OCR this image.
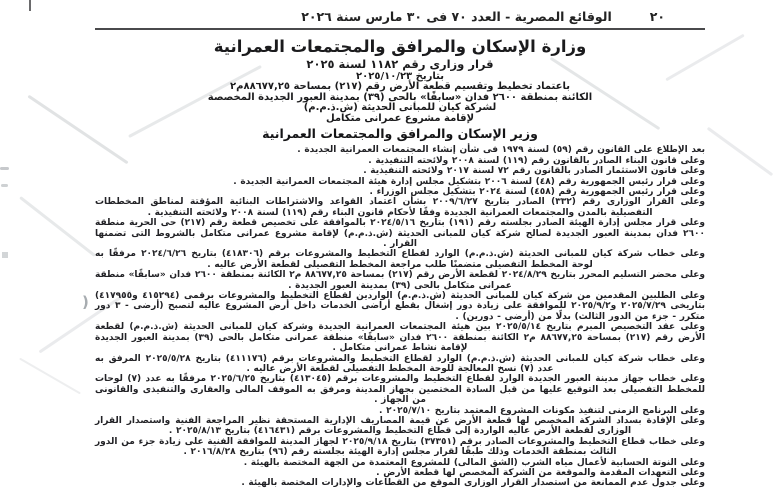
(
٢٠
الوقائع المصرية - العدد ٧٠ فى ٣٠ مارس سنة ٢٠٢٦
وزارة الإسكان والمرافق والمجتمعات العمرانية
قرار وزارى رقم ١١٨٢ لسنة ٢٠٢٥
بتاريخ ٢٠٢٥/١٠/٢٣
باعتماد تخطيط وتقسيم قطعة الأرض رقم (٢١٧) بمساحة ٨٨٦٧٧,٢٥م٢
الكائنة بمنطقة ٢٦٠٠ فدان «سابقًا» بالحى (٣٩) بمدينة العبور الجديدة المخصصة
لشركة كيان للمبانى الحديثة (ش.ذ.م.م)
لإقامة مشروع عمرانى متكامل
وزير الإسكان والمرافق والمجتمعات العمرانية

بعد الإطلاع على القانون رقم (٥٩) لسنة ١٩٧٩ فى شأن إنشاء المجتمعات العمرانية الجديدة .

وعلى قانون البناء الصادر بالقانون رقم (١١٩) لسنة ٢٠٠٨ ولائحته التنفيذية .

وعلى قانون الاستثمار الصادر بالقانون رقم ٧٢ لسنة ٢٠١٧ ولائحته التنفيذية .

وعلى قرار رئيس الجمهورية رقم (٤٨) لسنة ٢٠٠٦ بتشكيل مجلس إدارة هيئة المجتمعات العمرانية الجديدة .

وعلى قرار رئيس الجمهورية رقم (٤٥٨) لسنة ٢٠٢٤ بتشكيل مجلس الوزراء .

وعلى القرار الوزارى رقم (٣٣٢) الصادر بتاريخ ٢٠٠٩/٦/٢٧ بشأن اعتماد القواعد والاشتراطات البنائية المؤقتة لمناطق المخططات التفصيلية بالمدن والمجتمعات العمرانية الجديدة وفقًا لأحكام قانون البناء رقم (١١٩) لسنة ٢٠٠٨ ولائحته التنفيذية .

وعلى قرار مجلس إدارة الهيئة الصادر بجلسته رقم (١٩١) بتاريخ ٢٠٢٤/٥/١٦ بالموافقة على تخصيص قطعة رقم (٢١٧) حى الحرية منطقة ٢٦٠٠ فدان بمدينة العبور الجديدة لصالح شركة كيان للمبانى الحديثة (ش.ذ.م.م) لإقامة مشروع عمرانى متكامل بالشروط التى تضمنها القرار .

وعلى خطاب شركة كيان للمبانى الحديثة (ش.ذ.م.م) الوارد لقطاع التخطيط والمشروعات برقم (٤١٨٣٠٦) بتاريخ ٢٠٢٤/٦/٢٦ مرفقًا به لوحة المخطط التفصيلى متضمنًا طلب مراجعة المخطط التفصيلى لقطعة الأرض عاليه .

وعلى محضر التسليم المحرر بتاريخ ٢٠٢٤/٨/٢٩ لقطعة الأرض رقم (٢١٧) بمساحة ٨٨٦٧٧,٢٥ م٢ الكائنة بمنطقة ٢٦٠٠ فدان «سابقًا» منطقة عمرانى متكامل بالحى (٣٩) بمدينة العبور الجديدة .

وعلى الطلبين المقدمين من شركة كيان للمبانى الحديثة (ش.ذ.م.م) الواردين لقطاع التخطيط والمشروعات برقمى (٤١٥٢٩٤ و٤١٧٩٥٥) بتاريخى ٢٠٢٥/٧/٢٩ و٢٠٢٥/٩/٢ للموافقة على زيادة دور إشغال بقطع أراضى الخدمات داخل أرض المشروع عاليه لتصبح (أرضى - ٣ دور متكرر - جزء من الدور الثالث) بدلًا من (أرضى - دورين) .

وعلى عقد التخصيص المبرم بتاريخ ٢٠٢٥/٥/١٤ بين هيئة المجتمعات العمرانية الجديدة وشركة كيان للمبانى الحديثة (ش.ذ.م.م) لقطعة الأرض رقم (٢١٧) بمساحة ٨٨٦٧٧,٢٥ م٢ الكائنة بمنطقة ٢٦٠٠ فدان «سابقًا» منطقة عمرانى متكامل بالحى (٣٩) بمدينة العبور الجديدة لإقامة نشاط عمرانى متكامل .

وعلى خطاب شركة كيان للمبانى الحديثة (ش.ذ.م.م) الوارد لقطاع التخطيط والمشروعات برقم (٤١١١٧٦) بتاريخ ٢٠٢٥/٥/٢٨ المرفق به عدد (٧) نسخ المعالجة للوحة المخطط التفصيلى لقطعة الأرض عاليه .

وعلى خطاب جهاز مدينة العبور الجديدة الوارد لقطاع التخطيط والمشروعات برقم (٤١٣٠٤٥) بتاريخ ٢٠٢٥/٦/٢٥ مرفقًا به عدد (٧) لوحات للمخطط التفصيلى بعد التوقيع عليها من قبل السادة المختصين بجهاز المدينة ومرفق به الموقف المالى والعقارى والتنفيذى والقانونى من الجهاز .

وعلى البرنامج الزمنى لتنفيذ مكونات المشروع المعتمد بتاريخ ٢٠٢٥/٧/١٠ .

وعلى الإفادة بسداد الشركة المخصص لها قطعة الأرض عن قيمة المصاريف الإدارية المستحقة نظير المراجعة الفنية واستصدار القرار الوزارى لقطعة الأرض عاليه الواردة إلى قطاع التخطيط والمشروعات برقم (٤١٦٤٣١) بتاريخ ٢٠٢٥/٨/١٣ .

وعلى خطاب قطاع التخطيط والمشروعات الصادر برقم (٣٧٣٥١) بتاريخ ٢٠٢٥/٩/١٨ لجهاز المدينة للموافقة الفنية على زيادة جزء من الدور الثالث بمنطقة الخدمات وذلك طبقًا لقرار مجلس إدارة الهيئة بجلسته رقم (٩٦) بتاريخ ٢٠١٦/٨/٢٨ .

وعلى النوتة الحسابية لأعمال مياه الشرب (الشق المالى) للمشروع المعتمدة من الجهة المختصة بالهيئة .

وعلى التعهدات المقدمة والموقعة من الشركة المخصص لها قطعة الأرض .

وعلى جدول عدم الممانعة من استصدار القرار الوزارى الموقع من القطاعات والإدارات المختصة بالهيئة .
